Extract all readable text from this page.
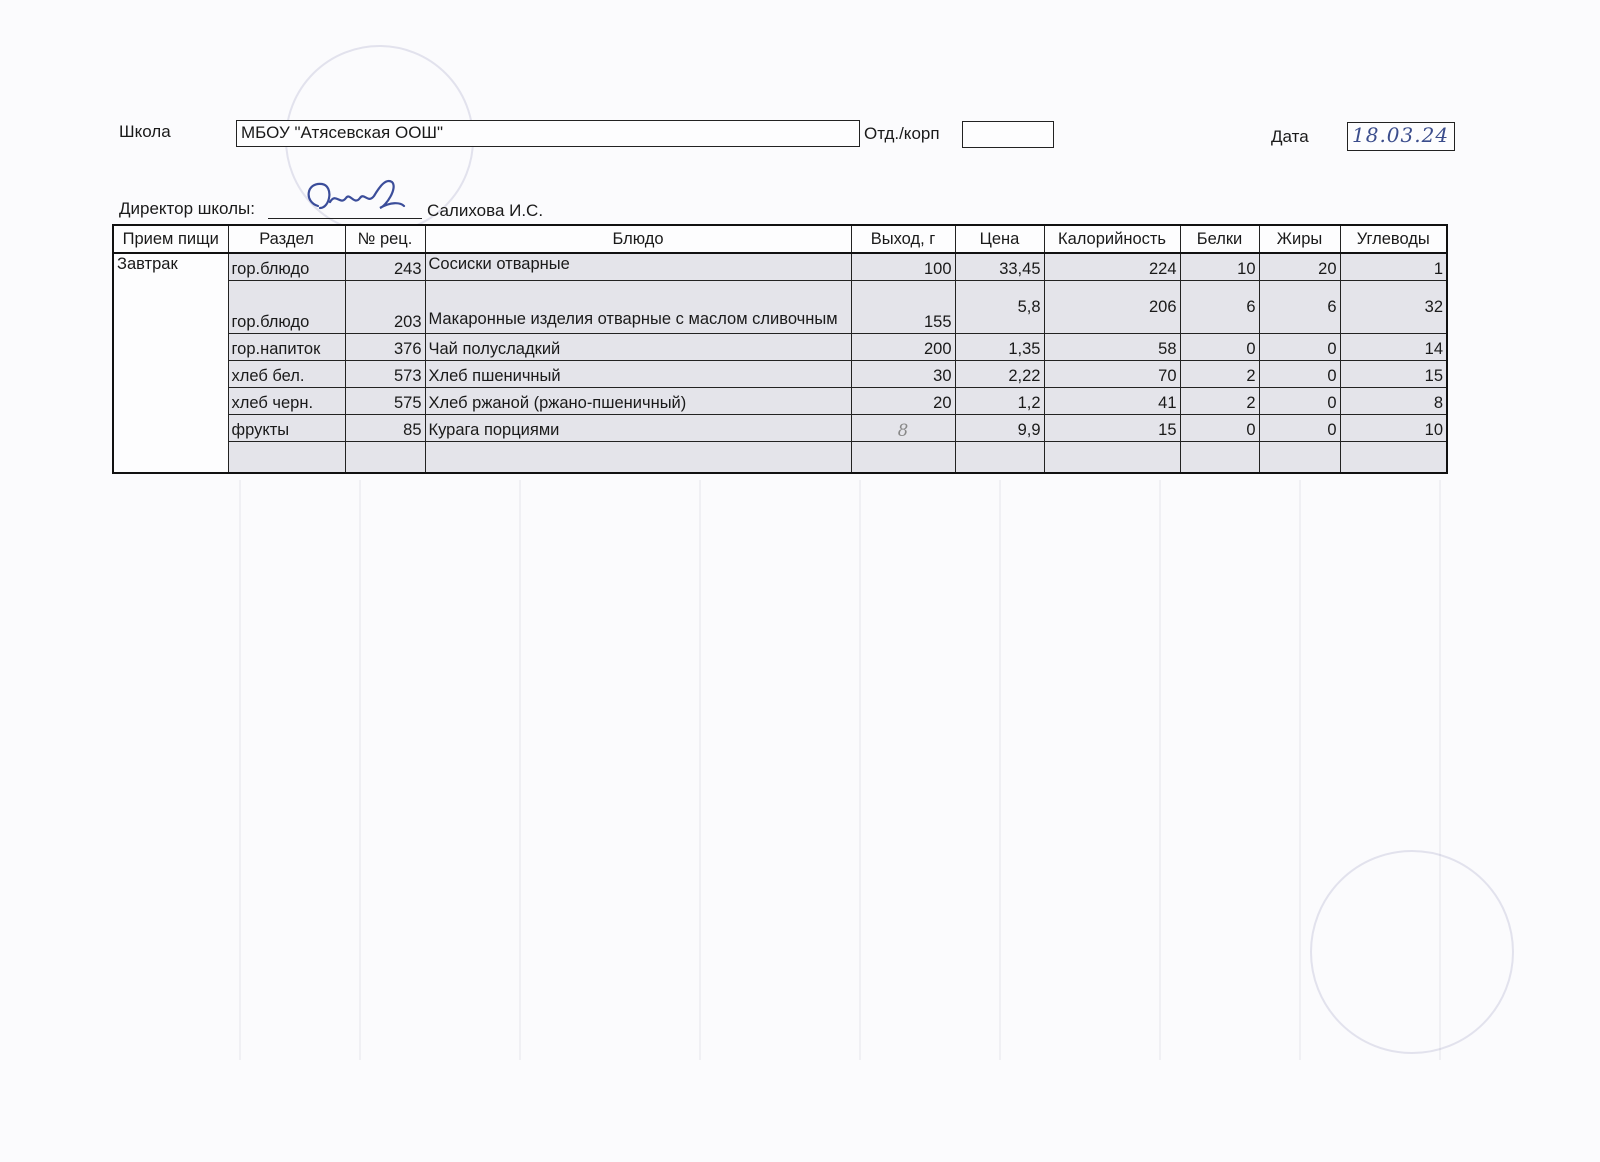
Школа	МБОУ "Атясевская ООШ"	Отд./корп	Дата 18.03.24
Директор школы:	Салихова И.С.
Прием пищи	Раздел	№ рец.	Блюдо	Выход, г	Цена	Калорийность	Белки	Жиры	Углеводы
Завтрак	гор.блюдо	243	Сосиски отварные	100	33,45	224	10	20	1
	гор.блюдо	203	Макаронные изделия отварные с маслом сливочным	155	5,8	206	6	6	32
	гор.напиток	376	Чай полусладкий	200	1,35	58	0	0	14
	хлеб бел.	573	Хлеб пшеничный	30	2,22	70	2	0	15
	хлеб черн.	575	Хлеб ржаной (ржано-пшеничный)	20	1,2	41	2	0	8
	фрукты	85	Курага порциями	8	9,9	15	0	0	10
